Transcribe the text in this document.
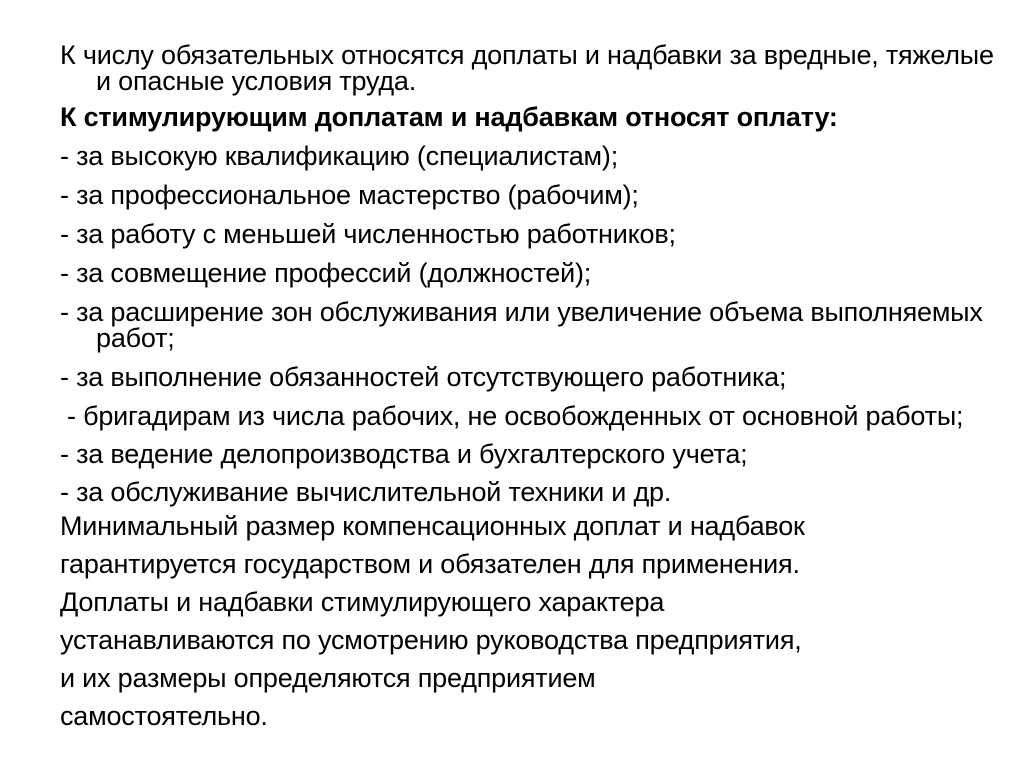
К числу обязательных относятся доплаты и надбавки за вредные, тяжелые и опасные условия труда.

К стимулирующим доплатам и надбавкам относят оплату:

- за высокую квалификацию (специалистам);

- за профессиональное мастерство (рабочим);

- за работу с меньшей численностью работников;

- за совмещение профессий (должностей);

- за расширение зон обслуживания или увеличение объема выполняемых работ;

- за выполнение обязанностей отсутствующего работника;

- бригадирам из числа рабочих, не освобожденных от основной работы;

- за ведение делопроизводства и бухгалтерского учета;

- за обслуживание вычислительной техники и др.

Минимальный размер компенсационных доплат и надбавок

гарантируется государством и обязателен для применения.

Доплаты и надбавки стимулирующего характера

устанавливаются по усмотрению руководства предприятия,

и их размеры определяются предприятием

самостоятельно.
